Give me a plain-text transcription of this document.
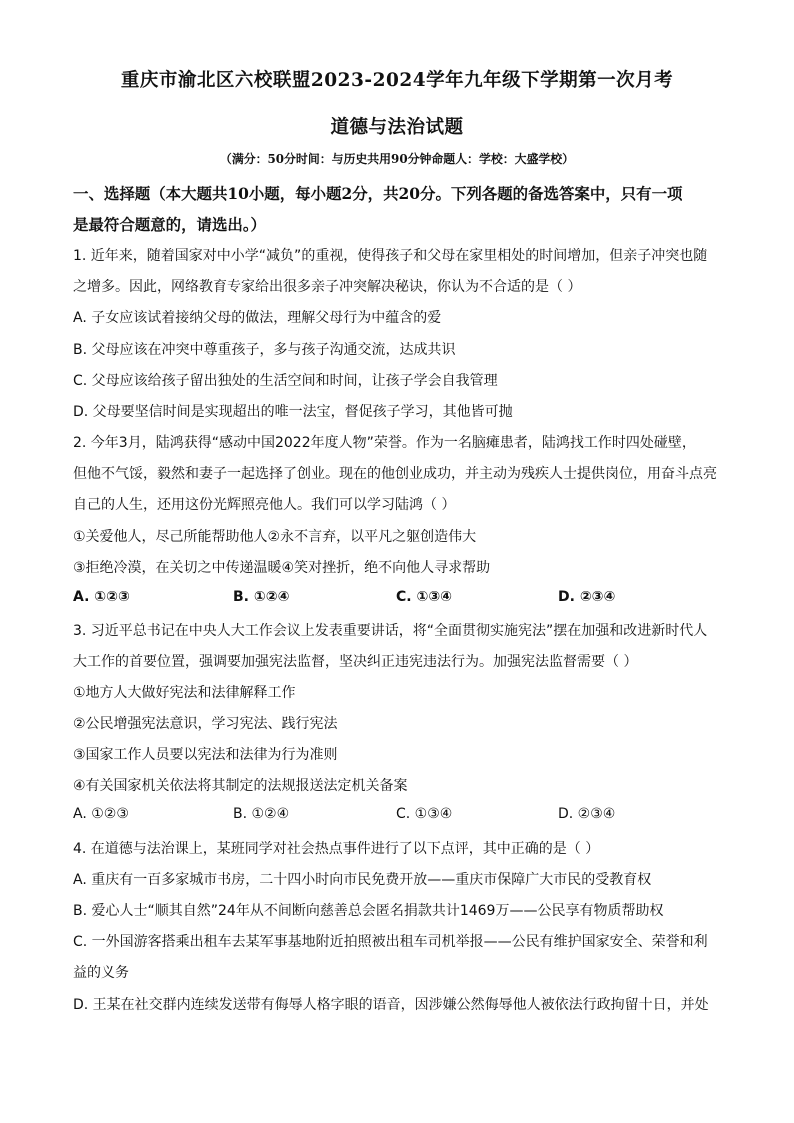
重庆市渝北区六校联盟2023-2024学年九年级下学期第一次月考
道德与法治试题
（满分：50分时间：与历史共用90分钟命题人：学校：大盛学校）
一、选择题（本大题共10小题，每小题2分，共20分。下列各题的备选答案中，只有一项
是最符合题意的，请选出。）
1. 近年来，随着国家对中小学“减负”的重视，使得孩子和父母在家里相处的时间增加，但亲子冲突也随
之增多。因此，网络教育专家给出很多亲子冲突解决秘诀，你认为不合适的是（ ）
A. 子女应该试着接纳父母的做法，理解父母行为中蕴含的爱
B. 父母应该在冲突中尊重孩子，多与孩子沟通交流，达成共识
C. 父母应该给孩子留出独处的生活空间和时间，让孩子学会自我管理
D. 父母要坚信时间是实现超出的唯一法宝，督促孩子学习，其他皆可抛
2. 今年3月，陆鸿获得“感动中国2022年度人物”荣誉。作为一名脑瘫患者，陆鸿找工作时四处碰壁，
但他不气馁，毅然和妻子一起选择了创业。现在的他创业成功，并主动为残疾人士提供岗位，用奋斗点亮
自己的人生，还用这份光辉照亮他人。我们可以学习陆鸿（ ）
①关爱他人，尽己所能帮助他人②永不言弃，以平凡之躯创造伟大
③拒绝冷漠，在关切之中传递温暖④笑对挫折，绝不向他人寻求帮助
A. ①②③	B. ①②④	C. ①③④	D. ②③④
3. 习近平总书记在中央人大工作会议上发表重要讲话，将“全面贯彻实施宪法”摆在加强和改进新时代人
大工作的首要位置，强调要加强宪法监督，坚决纠正违宪违法行为。加强宪法监督需要（ ）
①地方人大做好宪法和法律解释工作
②公民增强宪法意识，学习宪法、践行宪法
③国家工作人员要以宪法和法律为行为准则
④有关国家机关依法将其制定的法规报送法定机关备案
A. ①②③	B. ①②④	C. ①③④	D. ②③④
4. 在道德与法治课上，某班同学对社会热点事件进行了以下点评，其中正确的是（ ）
A. 重庆有一百多家城市书房，二十四小时向市民免费开放——重庆市保障广大市民的受教育权
B. 爱心人士“顺其自然”24年从不间断向慈善总会匿名捐款共计1469万——公民享有物质帮助权
C. 一外国游客搭乘出租车去某军事基地附近拍照被出租车司机举报——公民有维护国家安全、荣誉和利
益的义务
D. 王某在社交群内连续发送带有侮辱人格字眼的语音，因涉嫌公然侮辱他人被依法行政拘留十日，并处
